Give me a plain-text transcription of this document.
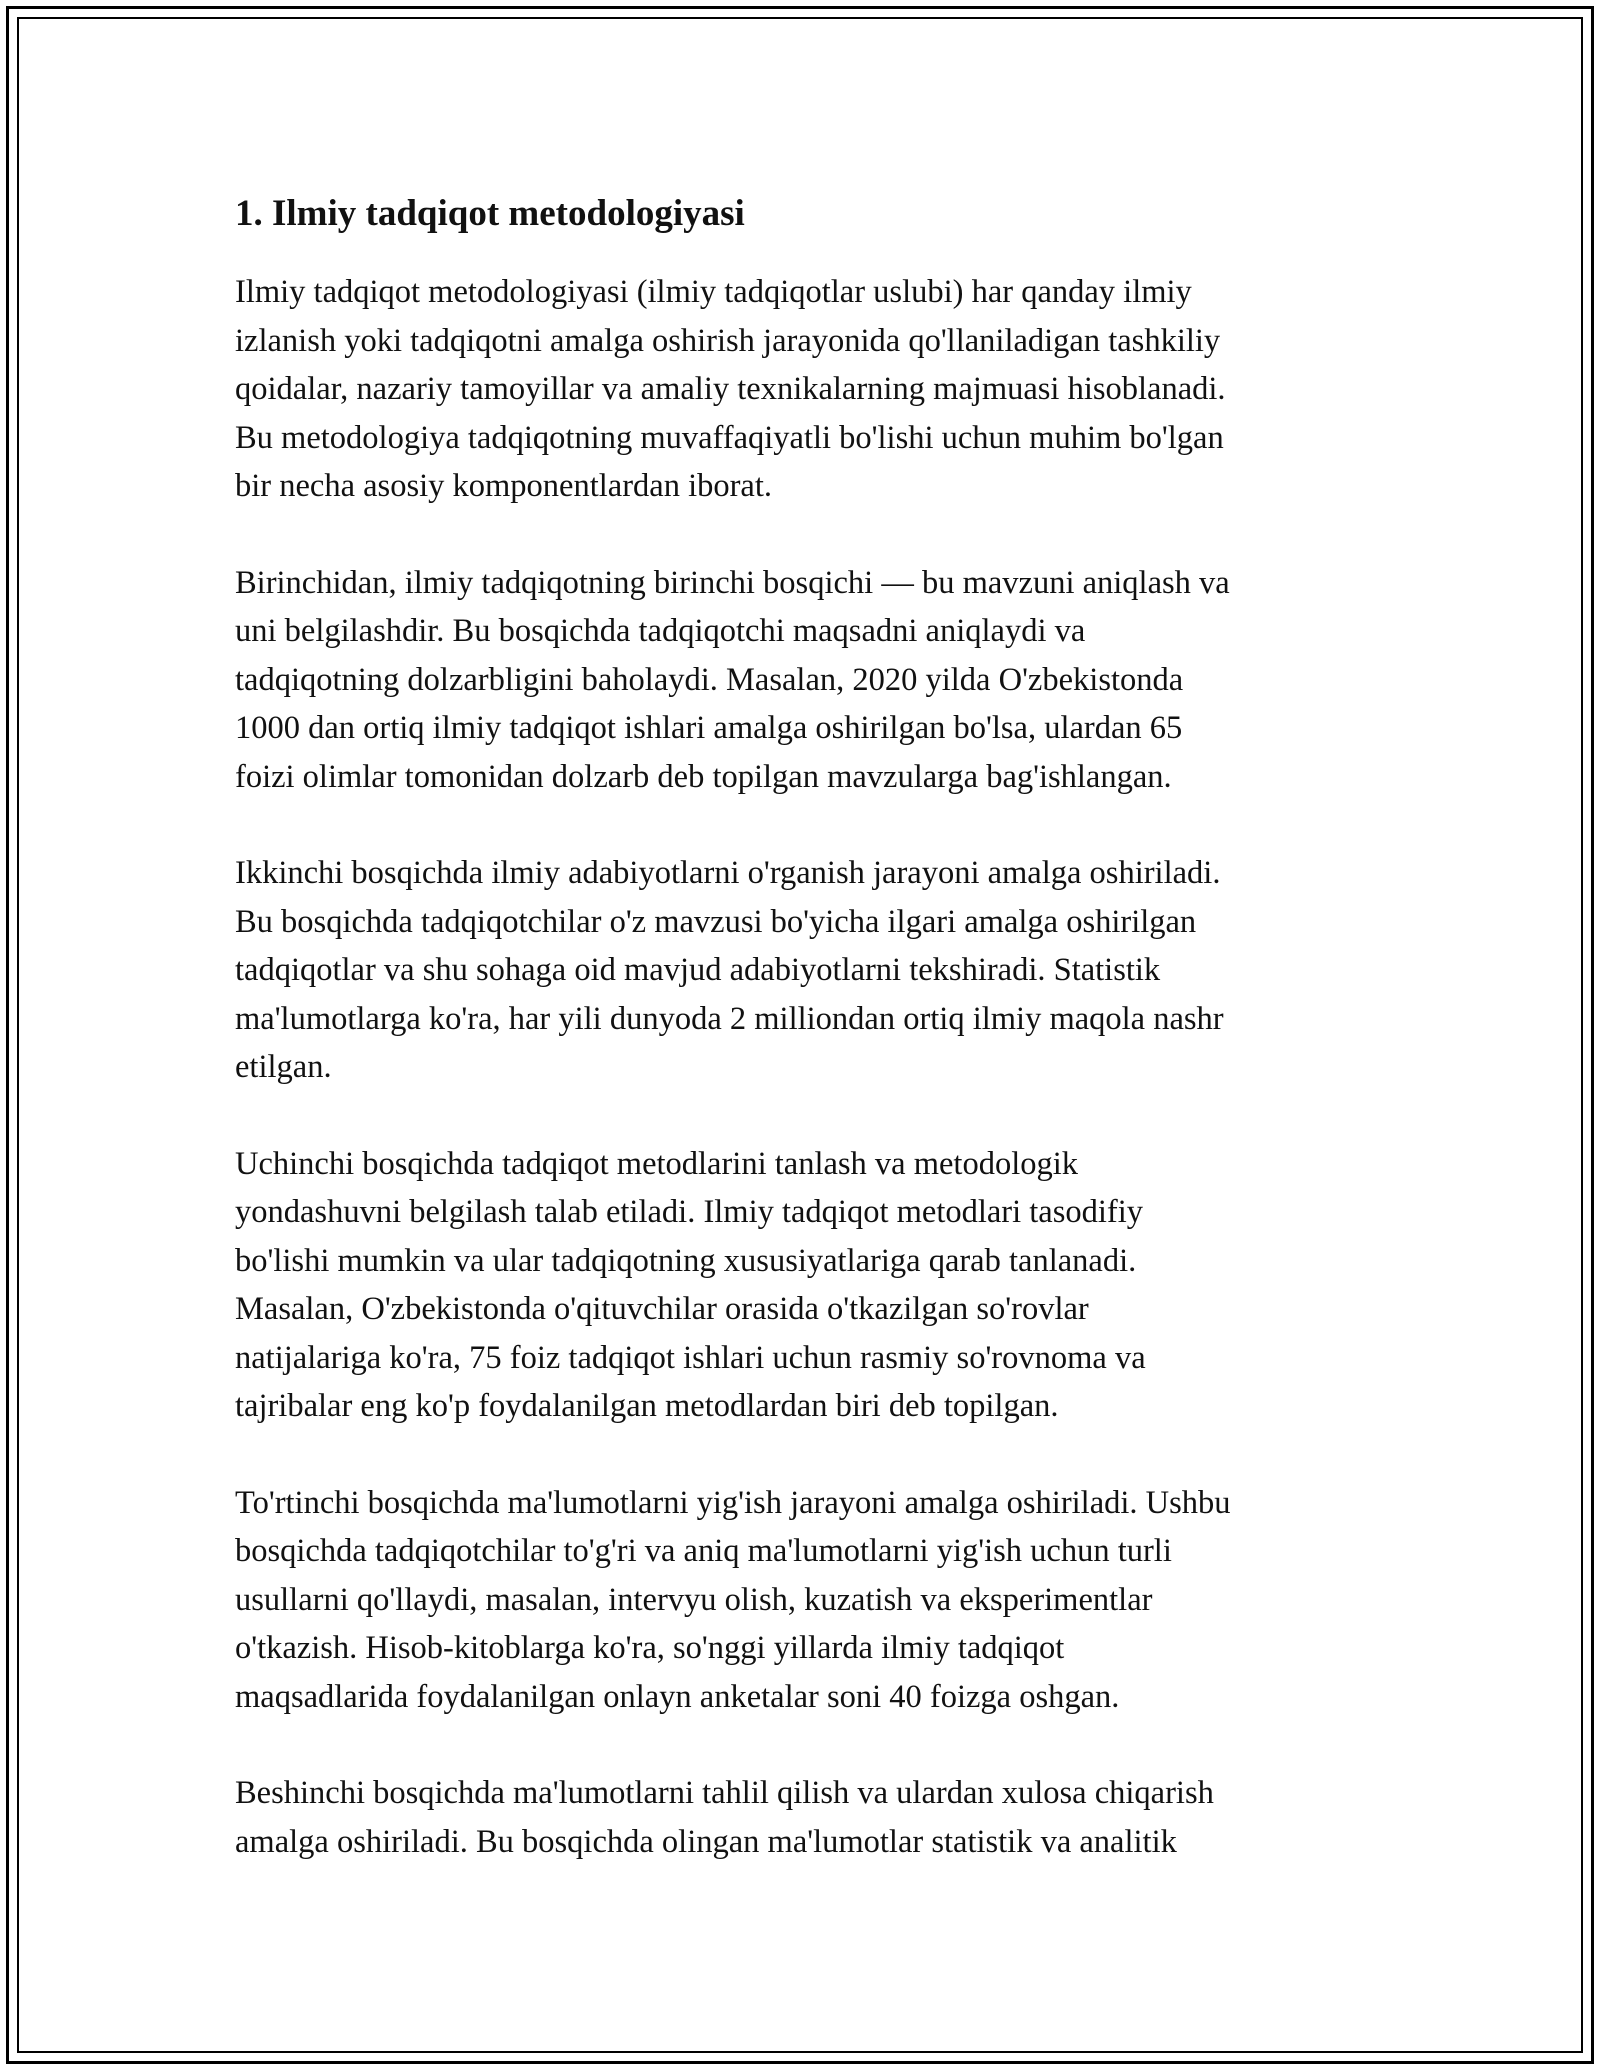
1. Ilmiy tadqiqot metodologiyasi

Ilmiy tadqiqot metodologiyasi (ilmiy tadqiqotlar uslubi) har qanday ilmiy
izlanish yoki tadqiqotni amalga oshirish jarayonida qo'llaniladigan tashkiliy
qoidalar, nazariy tamoyillar va amaliy texnikalarning majmuasi hisoblanadi.
Bu metodologiya tadqiqotning muvaffaqiyatli bo'lishi uchun muhim bo'lgan
bir necha asosiy komponentlardan iborat.

Birinchidan, ilmiy tadqiqotning birinchi bosqichi — bu mavzuni aniqlash va
uni belgilashdir. Bu bosqichda tadqiqotchi maqsadni aniqlaydi va
tadqiqotning dolzarbligini baholaydi. Masalan, 2020 yilda O'zbekistonda
1000 dan ortiq ilmiy tadqiqot ishlari amalga oshirilgan bo'lsa, ulardan 65
foizi olimlar tomonidan dolzarb deb topilgan mavzularga bag'ishlangan.

Ikkinchi bosqichda ilmiy adabiyotlarni o'rganish jarayoni amalga oshiriladi.
Bu bosqichda tadqiqotchilar o'z mavzusi bo'yicha ilgari amalga oshirilgan
tadqiqotlar va shu sohaga oid mavjud adabiyotlarni tekshiradi. Statistik
ma'lumotlarga ko'ra, har yili dunyoda 2 milliondan ortiq ilmiy maqola nashr
etilgan.

Uchinchi bosqichda tadqiqot metodlarini tanlash va metodologik
yondashuvni belgilash talab etiladi. Ilmiy tadqiqot metodlari tasodifiy
bo'lishi mumkin va ular tadqiqotning xususiyatlariga qarab tanlanadi.
Masalan, O'zbekistonda o'qituvchilar orasida o'tkazilgan so'rovlar
natijalariga ko'ra, 75 foiz tadqiqot ishlari uchun rasmiy so'rovnoma va
tajribalar eng ko'p foydalanilgan metodlardan biri deb topilgan.

To'rtinchi bosqichda ma'lumotlarni yig'ish jarayoni amalga oshiriladi. Ushbu
bosqichda tadqiqotchilar to'g'ri va aniq ma'lumotlarni yig'ish uchun turli
usullarni qo'llaydi, masalan, intervyu olish, kuzatish va eksperimentlar
o'tkazish. Hisob-kitoblarga ko'ra, so'nggi yillarda ilmiy tadqiqot
maqsadlarida foydalanilgan onlayn anketalar soni 40 foizga oshgan.

Beshinchi bosqichda ma'lumotlarni tahlil qilish va ulardan xulosa chiqarish
amalga oshiriladi. Bu bosqichda olingan ma'lumotlar statistik va analitik
